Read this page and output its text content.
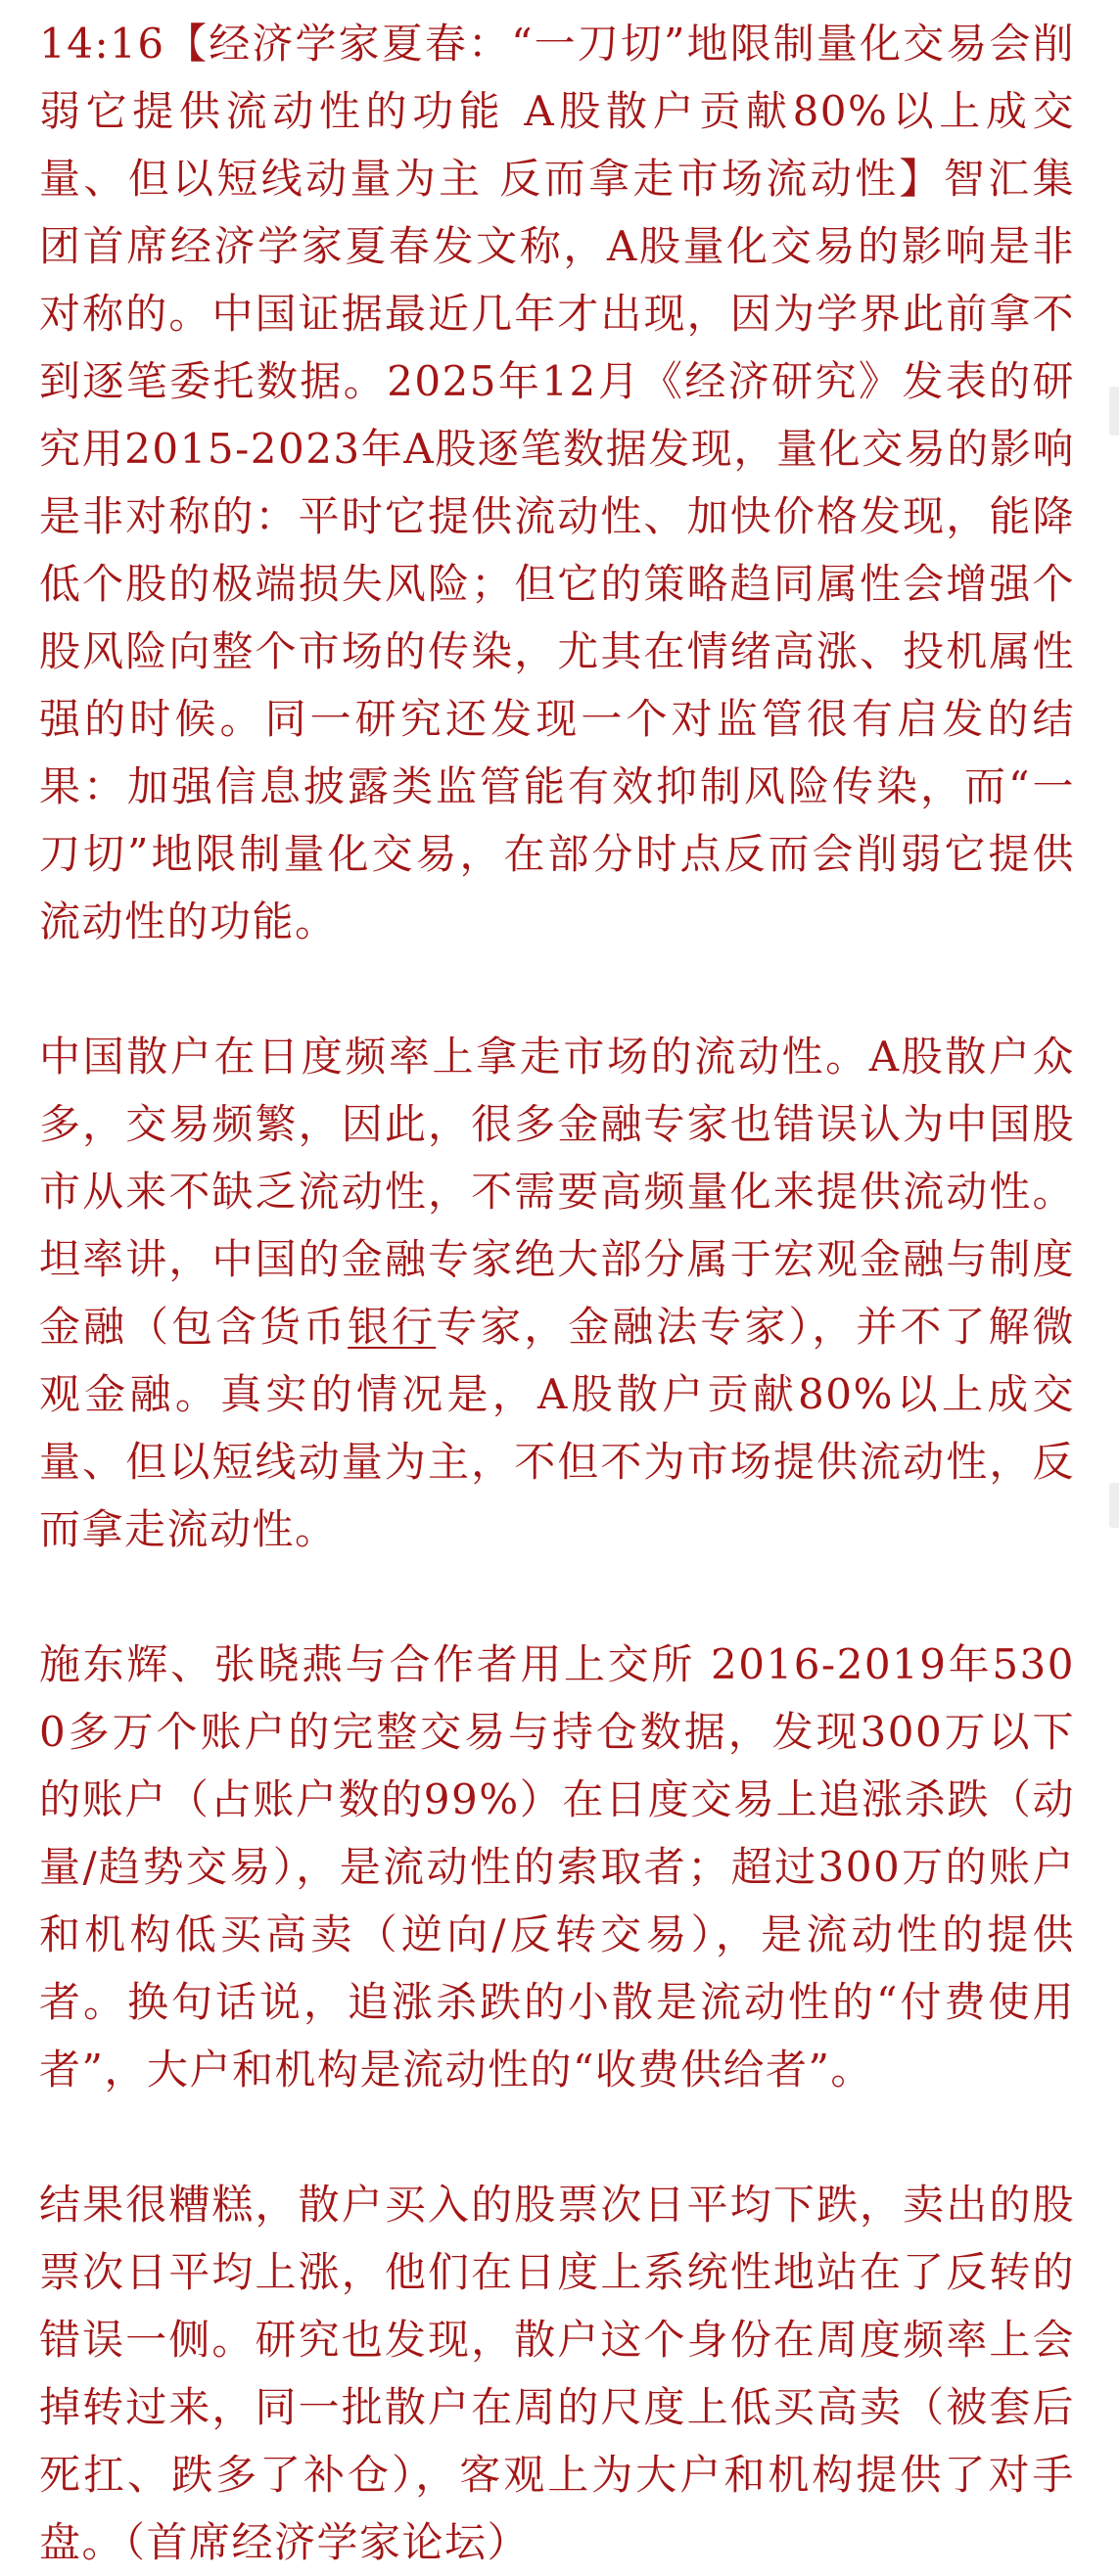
14:16【经济学家夏春：“一刀切”地限制量化交易会削弱它提供流动性的功能 A股散户贡献80%以上成交量、但以短线动量为主 反而拿走市场流动性】智汇集团首席经济学家夏春发文称，A股量化交易的影响是非对称的。中国证据最近几年才出现，因为学界此前拿不到逐笔委托数据。2025年12月《经济研究》发表的研究用2015-2023年A股逐笔数据发现，量化交易的影响是非对称的：平时它提供流动性、加快价格发现，能降低个股的极端损失风险；但它的策略趋同属性会增强个股风险向整个市场的传染，尤其在情绪高涨、投机属性强的时候。同一研究还发现一个对监管很有启发的结果：加强信息披露类监管能有效抑制风险传染，而“一刀切”地限制量化交易，在部分时点反而会削弱它提供流动性的功能。

中国散户在日度频率上拿走市场的流动性。A股散户众多，交易频繁，因此，很多金融专家也错误认为中国股市从来不缺乏流动性，不需要高频量化来提供流动性。坦率讲，中国的金融专家绝大部分属于宏观金融与制度金融（包含货币银行专家，金融法专家），并不了解微观金融。真实的情况是，A股散户贡献80%以上成交量、但以短线动量为主，不但不为市场提供流动性，反而拿走流动性。

施东辉、张晓燕与合作者用上交所 2016-2019年5300多万个账户的完整交易与持仓数据，发现300万以下的账户（占账户数的99%）在日度交易上追涨杀跌（动量/趋势交易），是流动性的索取者；超过300万的账户和机构低买高卖（逆向/反转交易），是流动性的提供者。换句话说，追涨杀跌的小散是流动性的“付费使用者”，大户和机构是流动性的“收费供给者”。

结果很糟糕，散户买入的股票次日平均下跌，卖出的股票次日平均上涨，他们在日度上系统性地站在了反转的错误一侧。研究也发现，散户这个身份在周度频率上会掉转过来，同一批散户在周的尺度上低买高卖（被套后死扛、跌多了补仓），客观上为大户和机构提供了对手盘。（首席经济学家论坛）
